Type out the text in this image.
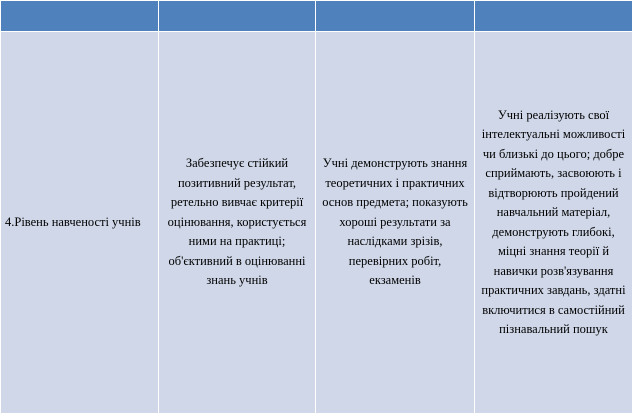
4.Рівень навченості учнів	Забезпечує стійкий позитивний результат, ретельно вивчає критерії оцінювання, користується ними на практиці; об'єктивний в оцінюванні знань учнів	Учні демонструють знання теоретичних і практичних основ предмета; показують хороші результати за наслідками зрізів, перевірних робіт, екзаменів	Учні реалізують свої інтелектуальні можливості чи близькі до цього; добре сприймають, засвоюють і відтворюють пройдений навчальний матеріал, демонструють глибокі, міцні знання теорії й навички розв'язування практичних завдань, здатні включитися в самостійний пізнавальний пошук
